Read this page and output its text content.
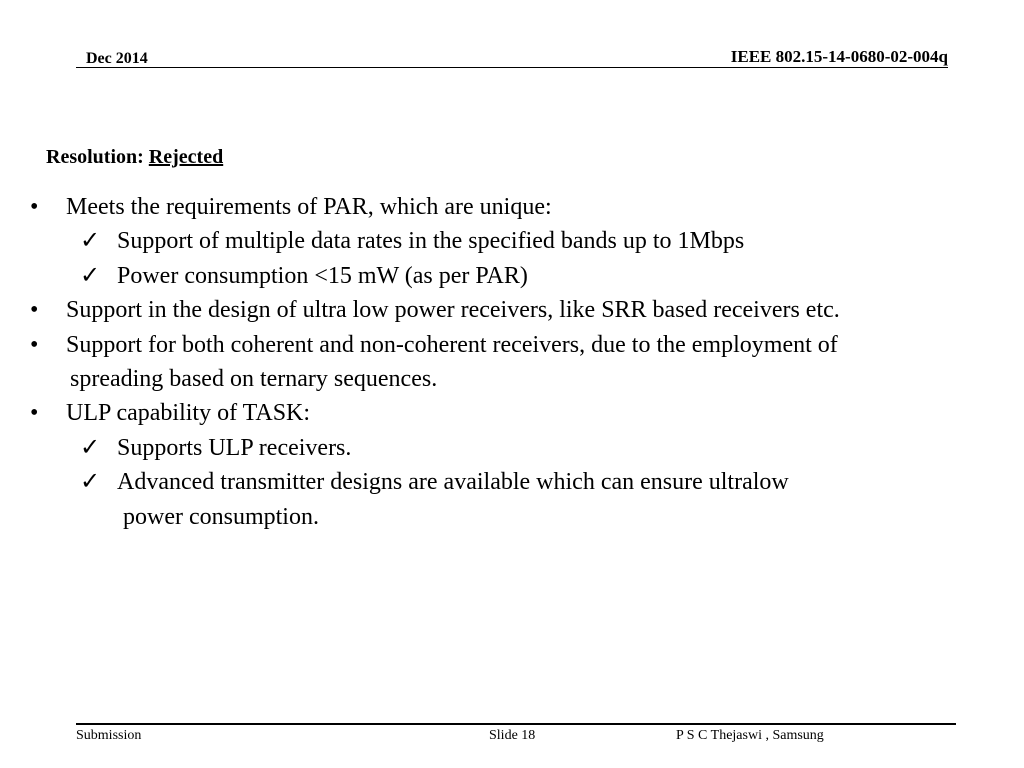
Dec 2014	IEEE 802.15-14-0680-02-004q
Resolution: Rejected
• Meets the requirements of PAR, which are unique:
✓ Support of multiple data rates in the specified bands up to 1Mbps
✓ Power consumption <15 mW (as per PAR)
• Support in the design of ultra low power receivers, like SRR based receivers etc.
• Support for both coherent and non-coherent receivers, due to the employment of
spreading based on ternary sequences.
• ULP capability of TASK:
✓ Supports ULP receivers.
✓ Advanced transmitter designs are available which can ensure ultralow
power consumption.
Submission	Slide 18	P S C Thejaswi , Samsung
